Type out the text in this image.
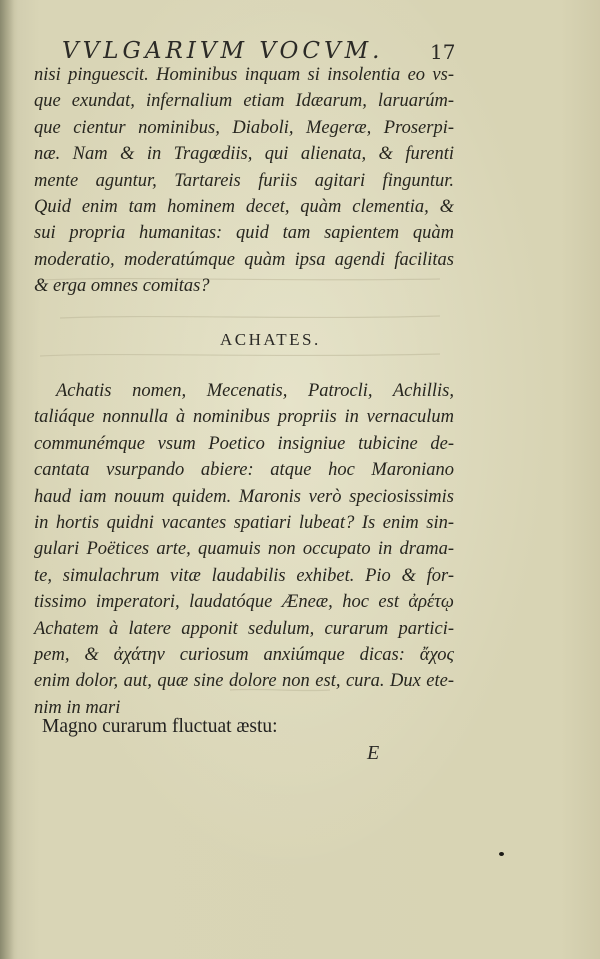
VVLGARIVM VOCVM.	17
nisi pinguescit. Hominibus inquam si insolentia eo vs-
que exundat, infernalium etiam Idæarum, laruarúm-
que cientur nominibus, Diaboli, Megeræ, Proserpi-
næ. Nam & in Tragœdiis, qui alienata, & furenti
mente aguntur, Tartareis furiis agitari finguntur.
Quid enim tam hominem decet, quàm clementia, &
sui propria humanitas: quid tam sapientem quàm
moderatio, moderatúmque quàm ipsa agendi facilitas
& erga omnes comitas?
ACHATES.
Achatis nomen, Mecenatis, Patrocli, Achillis,
taliáque nonnulla à nominibus propriis in vernaculum
communémque vsum Poetico insigniue tubicine de-
cantata vsurpando abiere: atque hoc Maroniano
haud iam nouum quidem. Maronis verò speciosissimis
in hortis quidni vacantes spatiari lubeat? Is enim sin-
gulari Poëtices arte, quamuis non occupato in drama-
te, simulachrum vitæ laudabilis exhibet. Pio & for-
tissimo imperatori, laudatóque Æneæ, hoc est ἀρέτῳ
Achatem à latere apponit sedulum, curarum partici-
pem, & ἀχάτην curiosum anxiúmque dicas: ἄχος
enim dolor, aut, quæ sine dolore non est, cura. Dux ete-
nim in mari
Magno curarum fluctuat æstu:
E
